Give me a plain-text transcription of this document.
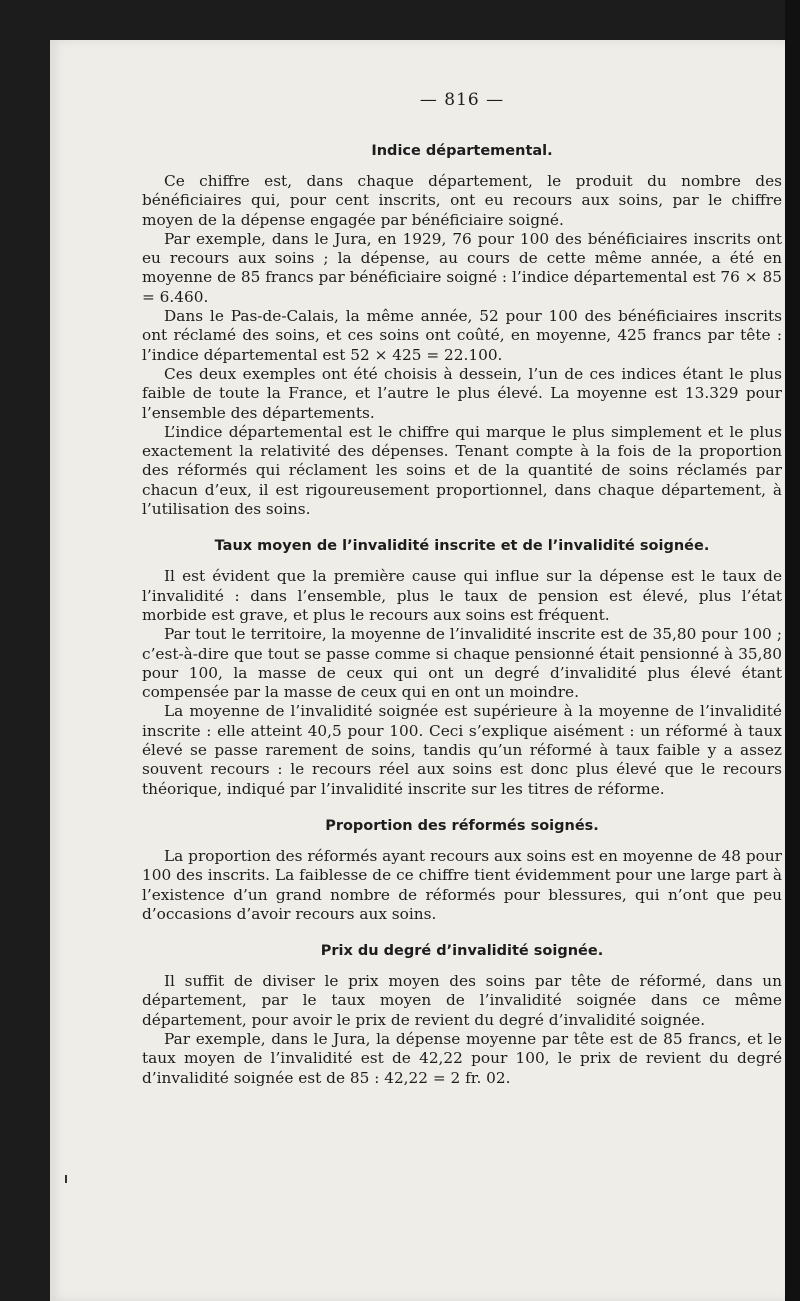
— 816 —
Indice départemental.

Ce chiffre est, dans chaque département, le produit du nombre des bénéficiaires qui, pour cent inscrits, ont eu recours aux soins, par le chiffre moyen de la dépense engagée par bénéficiaire soigné.

Par exemple, dans le Jura, en 1929, 76 pour 100 des bénéficiaires inscrits ont eu recours aux soins ; la dépense, au cours de cette même année, a été en moyenne de 85 francs par bénéficiaire soigné : l’indice départemental est 76 × 85 = 6.460.

Dans le Pas-de-Calais, la même année, 52 pour 100 des bénéficiaires inscrits ont réclamé des soins, et ces soins ont coûté, en moyenne, 425 francs par tête : l’indice départemental est 52 × 425 = 22.100.

Ces deux exemples ont été choisis à dessein, l’un de ces indices étant le plus faible de toute la France, et l’autre le plus élevé. La moyenne est 13.329 pour l’ensemble des départements.

L’indice départemental est le chiffre qui marque le plus simplement et le plus exactement la relativité des dépenses. Tenant compte à la fois de la proportion des réformés qui réclament les soins et de la quantité de soins réclamés par chacun d’eux, il est rigoureusement proportionnel, dans chaque département, à l’utilisation des soins.

Taux moyen de l’invalidité inscrite et de l’invalidité soignée.

Il est évident que la première cause qui influe sur la dépense est le taux de l’invalidité : dans l’ensemble, plus le taux de pension est élevé, plus l’état morbide est grave, et plus le recours aux soins est fréquent.

Par tout le territoire, la moyenne de l’invalidité inscrite est de 35,80 pour 100 ; c’est-à-dire que tout se passe comme si chaque pensionné était pensionné à 35,80 pour 100, la masse de ceux qui ont un degré d’invalidité plus élevé étant compensée par la masse de ceux qui en ont un moindre.

La moyenne de l’invalidité soignée est supérieure à la moyenne de l’invalidité inscrite : elle atteint 40,5 pour 100. Ceci s’explique aisément : un réformé à taux élevé se passe rarement de soins, tandis qu’un réformé à taux faible y a assez souvent recours : le recours réel aux soins est donc plus élevé que le recours théorique, indiqué par l’invalidité inscrite sur les titres de réforme.

Proportion des réformés soignés.

La proportion des réformés ayant recours aux soins est en moyenne de 48 pour 100 des inscrits. La faiblesse de ce chiffre tient évidemment pour une large part à l’existence d’un grand nombre de réformés pour blessures, qui n’ont que peu d’occasions d’avoir recours aux soins.

Prix du degré d’invalidité soignée.

Il suffit de diviser le prix moyen des soins par tête de réformé, dans un département, par le taux moyen de l’invalidité soignée dans ce même département, pour avoir le prix de revient du degré d’invalidité soignée.

Par exemple, dans le Jura, la dépense moyenne par tête est de 85 francs, et le taux moyen de l’invalidité est de 42,22 pour 100, le prix de revient du degré d’invalidité soignée est de 85 : 42,22 = 2 fr. 02.
